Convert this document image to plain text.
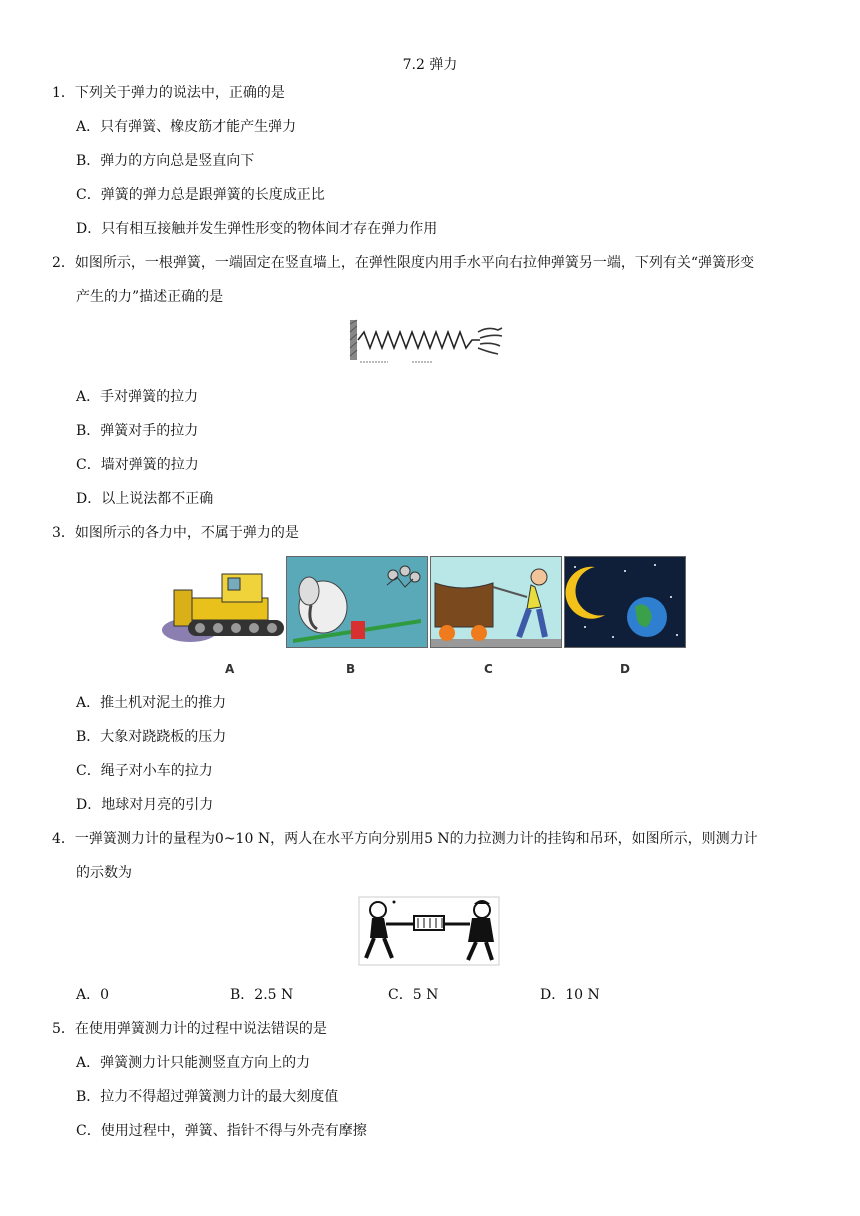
7.2 弹力
1．下列关于弹力的说法中，正确的是
A．只有弹簧、橡皮筋才能产生弹力
B．弹力的方向总是竖直向下
C．弹簧的弹力总是跟弹簧的长度成正比
D．只有相互接触并发生弹性形变的物体间才存在弹力作用
2．如图所示，一根弹簧，一端固定在竖直墙上，在弹性限度内用手水平向右拉伸弹簧另一端，下列有关“弹簧形变
产生的力”描述正确的是
A．手对弹簧的拉力
B．弹簧对手的拉力
C．墙对弹簧的拉力
D．以上说法都不正确
3．如图所示的各力中，不属于弹力的是
A	B	C	D
A．推土机对泥土的推力
B．大象对跷跷板的压力
C．绳子对小车的拉力
D．地球对月亮的引力
4．一弹簧测力计的量程为0~10 N，两人在水平方向分别用5 N的力拉测力计的挂钩和吊环，如图所示，则测力计
的示数为
A．0	B．2.5 N	C．5 N	D．10 N
5．在使用弹簧测力计的过程中说法错误的是
A．弹簧测力计只能测竖直方向上的力
B．拉力不得超过弹簧测力计的最大刻度值
C．使用过程中，弹簧、指针不得与外壳有摩擦
